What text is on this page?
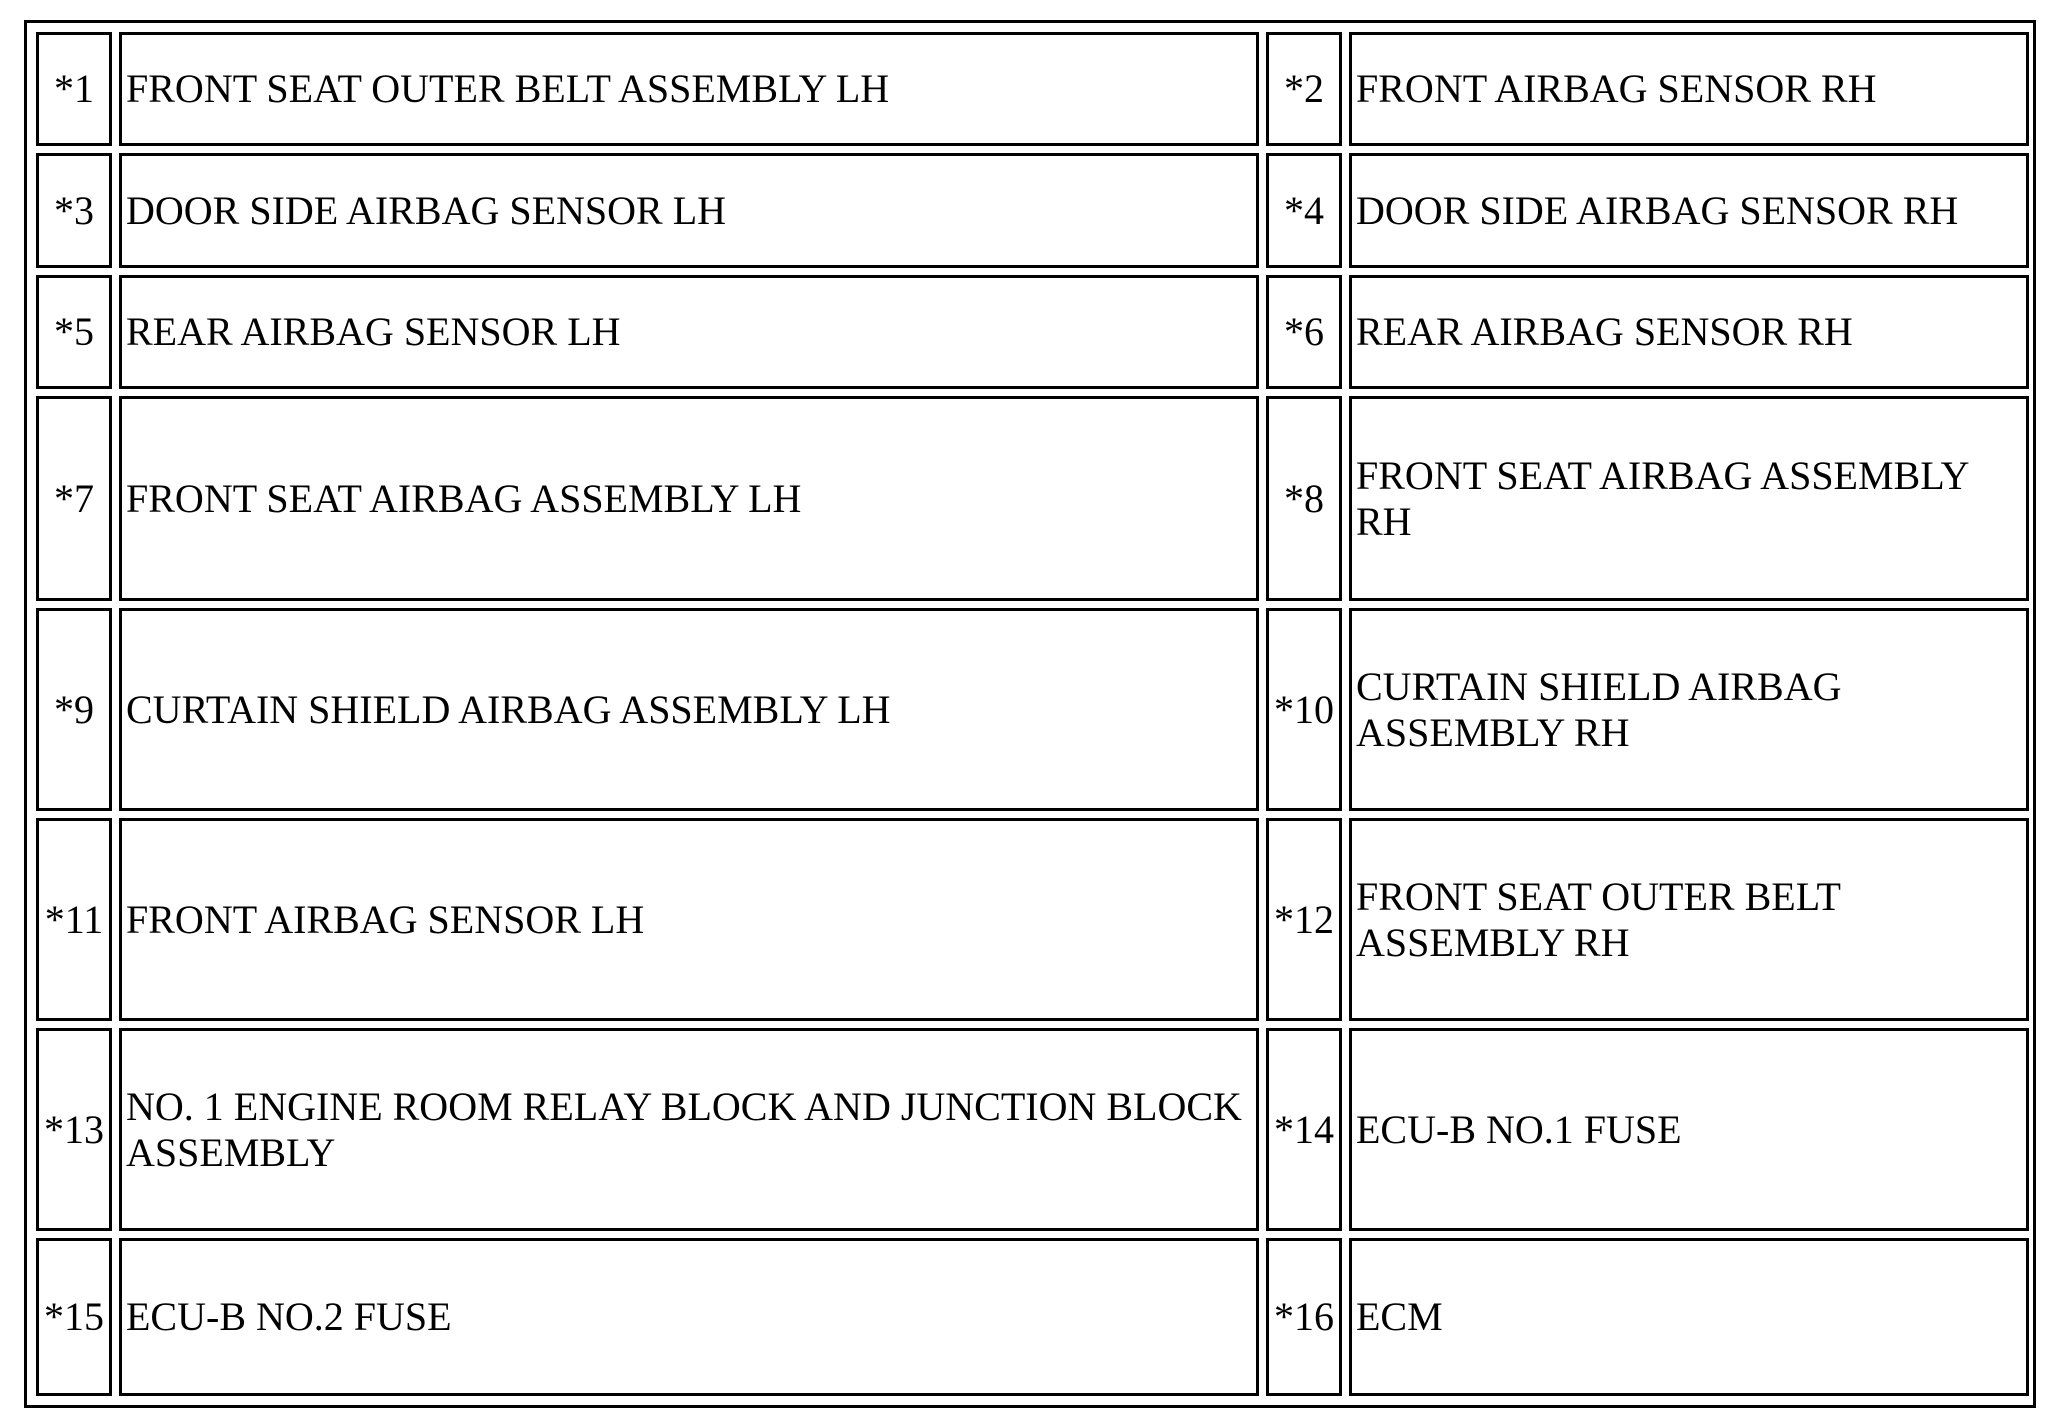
*1	FRONT SEAT OUTER BELT ASSEMBLY LH	*2	FRONT AIRBAG SENSOR RH
*3	DOOR SIDE AIRBAG SENSOR LH	*4	DOOR SIDE AIRBAG SENSOR RH
*5	REAR AIRBAG SENSOR LH	*6	REAR AIRBAG SENSOR RH
*7	FRONT SEAT AIRBAG ASSEMBLY LH	*8	FRONT SEAT AIRBAG ASSEMBLY RH
*9	CURTAIN SHIELD AIRBAG ASSEMBLY LH	*10	CURTAIN SHIELD AIRBAG ASSEMBLY RH
*11	FRONT AIRBAG SENSOR LH	*12	FRONT SEAT OUTER BELT ASSEMBLY RH
*13	NO. 1 ENGINE ROOM RELAY BLOCK AND JUNCTION BLOCK ASSEMBLY	*14	ECU-B NO.1 FUSE
*15	ECU-B NO.2 FUSE	*16	ECM
